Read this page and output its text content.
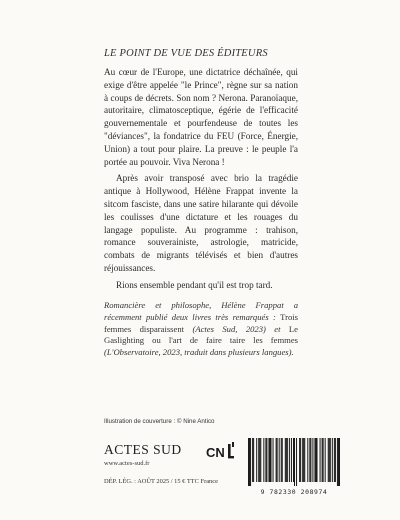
LE POINT DE VUE DES ÉDITEURS

Au cœur de l'Europe, une dictatrice déchaînée, qui exige d'être appelée "le Prince", règne sur sa nation à coups de décrets. Son nom ? Nerona. Paranoïaque, autoritaire, climatosceptique, égérie de l'efficacité gouvernementale et pourfendeuse de toutes les "déviances", la fondatrice du FEU (Force, Énergie, Union) a tout pour plaire. La preuve : le peuple l'a portée au pouvoir. Viva Nerona !

Après avoir transposé avec brio la tragédie antique à Hollywood, Hélène Frappat invente la sitcom fasciste, dans une satire hilarante qui dévoile les coulisses d'une dictature et les rouages du langage populiste. Au programme : trahison, romance souverainiste, astrologie, matricide, combats de migrants télévisés et bien d'autres réjouissances.

Rions ensemble pendant qu'il est trop tard.

Romancière et philosophe, Hélène Frappat a récemment publié deux livres très remarqués : Trois femmes disparaissent (Actes Sud, 2023) et Le Gaslighting ou l'art de faire taire les femmes (L'Observatoire, 2023, traduit dans plusieurs langues).
Illustration de couverture : © Nine Antico
ACTES SUD
www.actes-sud.fr
DÉP. LÉG. : AOÛT 2025 / 15 € TTC France
CN
9 782330 208974
